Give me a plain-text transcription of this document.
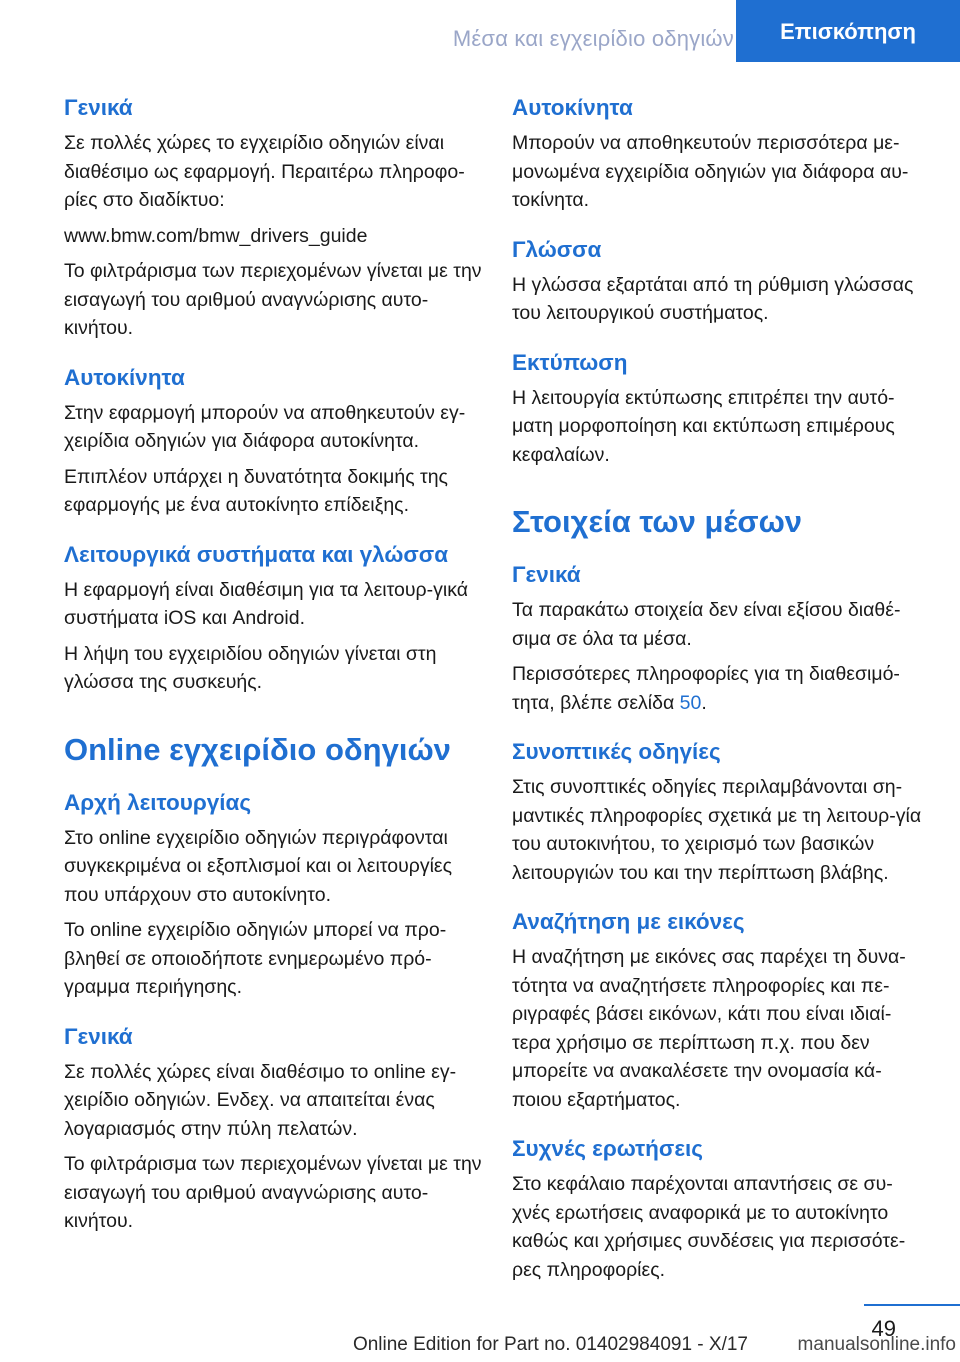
Μέσα και εγχειρίδιο οδηγιών	Επισκόπηση
Γενικά

Σε πολλές χώρες το εγχειρίδιο οδηγιών είναι διαθέσιμο ως εφαρμογή. Περαιτέρω πληροφο-ρίες στο διαδίκτυο:

www.bmw.com/bmw_drivers_guide

Το φιλτράρισμα των περιεχομένων γίνεται με την εισαγωγή του αριθμού αναγνώρισης αυτο-κινήτου.

Αυτοκίνητα

Στην εφαρμογή μπορούν να αποθηκευτούν εγ-χειρίδια οδηγιών για διάφορα αυτοκίνητα.

Επιπλέον υπάρχει η δυνατότητα δοκιμής της εφαρμογής με ένα αυτοκίνητο επίδειξης.

Λειτουργικά συστήματα και γλώσσα

Η εφαρμογή είναι διαθέσιμη για τα λειτουρ-γικά συστήματα iOS και Android.

Η λήψη του εγχειριδίου οδηγιών γίνεται στη γλώσσα της συσκευής.

Online εγχειρίδιο οδηγιών
Αρχή λειτουργίας

Στο online εγχειρίδιο οδηγιών περιγράφονται συγκεκριμένα οι εξοπλισμοί και οι λειτουργίες που υπάρχουν στο αυτοκίνητο.

Το online εγχειρίδιο οδηγιών μπορεί να προ-βληθεί σε οποιοδήποτε ενημερωμένο πρό-γραμμα περιήγησης.

Γενικά

Σε πολλές χώρες είναι διαθέσιμο το online εγ-χειρίδιο οδηγιών. Ενδεχ. να απαιτείται ένας λογαριασμός στην πύλη πελατών.

Το φιλτράρισμα των περιεχομένων γίνεται με την εισαγωγή του αριθμού αναγνώρισης αυτο-κινήτου.

Αυτοκίνητα

Μπορούν να αποθηκευτούν περισσότερα με-μονωμένα εγχειρίδια οδηγιών για διάφορα αυ-τοκίνητα.

Γλώσσα

Η γλώσσα εξαρτάται από τη ρύθμιση γλώσσας του λειτουργικού συστήματος.

Εκτύπωση

Η λειτουργία εκτύπωσης επιτρέπει την αυτό-ματη μορφοποίηση και εκτύπωση επιμέρους κεφαλαίων.

Στοιχεία των μέσων
Γενικά

Τα παρακάτω στοιχεία δεν είναι εξίσου διαθέ-σιμα σε όλα τα μέσα.

Περισσότερες πληροφορίες για τη διαθεσιμό-τητα, βλέπε σελίδα 50.

Συνοπτικές οδηγίες

Στις συνοπτικές οδηγίες περιλαμβάνονται ση-μαντικές πληροφορίες σχετικά με τη λειτουρ-γία του αυτοκινήτου, το χειρισμό των βασικών λειτουργιών του και την περίπτωση βλάβης.

Αναζήτηση με εικόνες

Η αναζήτηση με εικόνες σας παρέχει τη δυνα-τότητα να αναζητήσετε πληροφορίες και πε-ριγραφές βάσει εικόνων, κάτι που είναι ιδιαί-τερα χρήσιμο σε περίπτωση π.χ. που δεν μπορείτε να ανακαλέσετε την ονομασία κά-ποιου εξαρτήματος.

Συχνές ερωτήσεις

Στο κεφάλαιο παρέχονται απαντήσεις σε συ-χνές ερωτήσεις αναφορικά με το αυτοκίνητο καθώς και χρήσιμες συνδέσεις για περισσότε-ρες πληροφορίες.

49
Online Edition for Part no. 01402984091 - X/17	manualsonline.info
